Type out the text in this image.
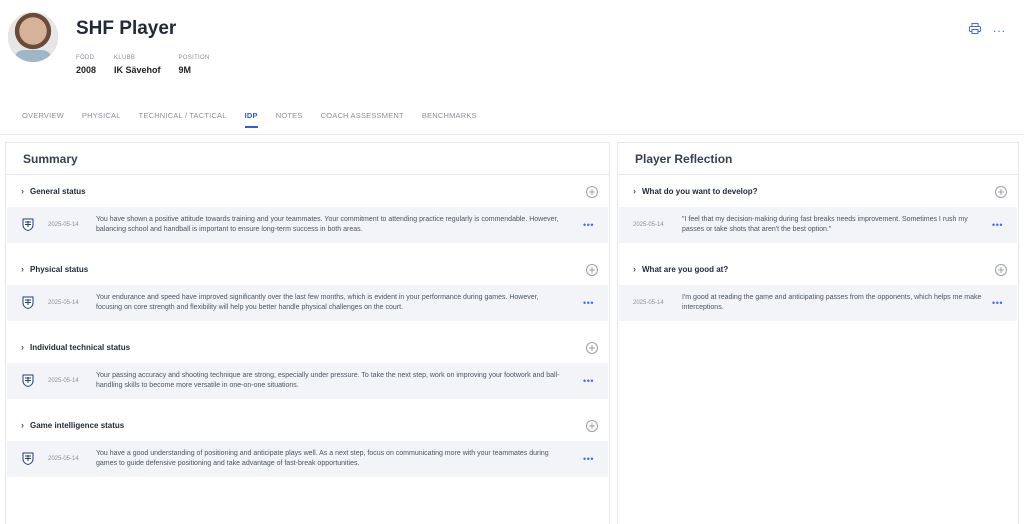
SHF Player
FÖDD
2008
KLUBB
IK Sävehof
POSITION
9M
...
OVERVIEW PHYSICAL TECHNICAL / TACTICAL IDP NOTES COACH ASSESSMENT BENCHMARKS
Summary
› General status
2025-05-14
You have shown a positive attitude towards training and your teammates. Your commitment to attending practice regularly is commendable. However, balancing school and handball is important to ensure long-term success in both areas.	•••
› Physical status
2025-05-14
Your endurance and speed have improved significantly over the last few months, which is evident in your performance during games. However, focusing on core strength and flexibility will help you better handle physical challenges on the court.	•••
› Individual technical status
2025-05-14
Your passing accuracy and shooting technique are strong, especially under pressure. To take the next step, work on improving your footwork and ball-handling skills to become more versatile in one-on-one situations.	•••
› Game intelligence status
2025-05-14
You have a good understanding of positioning and anticipate plays well. As a next step, focus on communicating more with your teammates during games to guide defensive positioning and take advantage of fast-break opportunities.	•••
Player Reflection
› What do you want to develop?
2025-05-14
"I feel that my decision-making during fast breaks needs improvement. Sometimes I rush my passes or take shots that aren't the best option."	•••
› What are you good at?
2025-05-14
I'm good at reading the game and anticipating passes from the opponents, which helps me make interceptions.	•••
